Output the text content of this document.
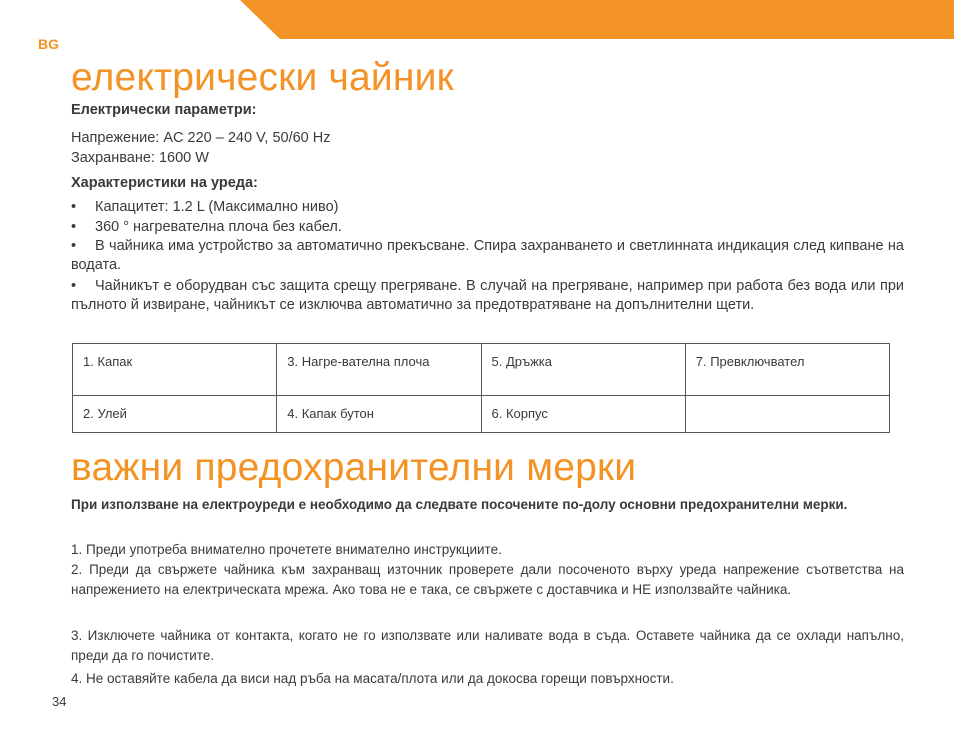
BG
електрически чайник

Електрически параметри:

Напрежение: AC 220 – 240 V, 50/60 Hz

Захранване: 1600 W

Характеристики на уреда:

• Капацитет: 1.2 L (Максимално ниво)

• 360 ° нагревателна плоча без кабел.

• В чайника има устройство за автоматично прекъсване. Спира захранването и светлинната индикация след кипване на водата.

• Чайникът е оборудван със защита срещу прегряване. В случай на прегряване, например при работа без вода или при пълното й извиране, чайникът се изключва автоматично за предотвратяване на допълнителни щети.

1. Капак	3. Нагре-вателна плоча	5. Дръжка	7. Превключвател
2. Улей	4. Капак бутон	6. Корпус	
важни предохранителни мерки

При използване на електроуреди е необходимо да следвате посочените по-долу основни предохранителни мерки.

1. Преди употреба внимателно прочетете внимателно инструкциите.

2. Преди да свържете чайника към захранващ източник проверете дали посоченото върху уреда напрежение съответства на напрежението на електрическата мрежа. Ако това не е така, се свържете с доставчика и НЕ използвайте чайника.

3. Изключете чайника от контакта, когато не го използвате или наливате вода в съда. Оставете чайника да се охлади напълно, преди да го почистите.

4. Не оставяйте кабела да виси над ръба на масата/плота или да докосва горещи повърхности.

34
